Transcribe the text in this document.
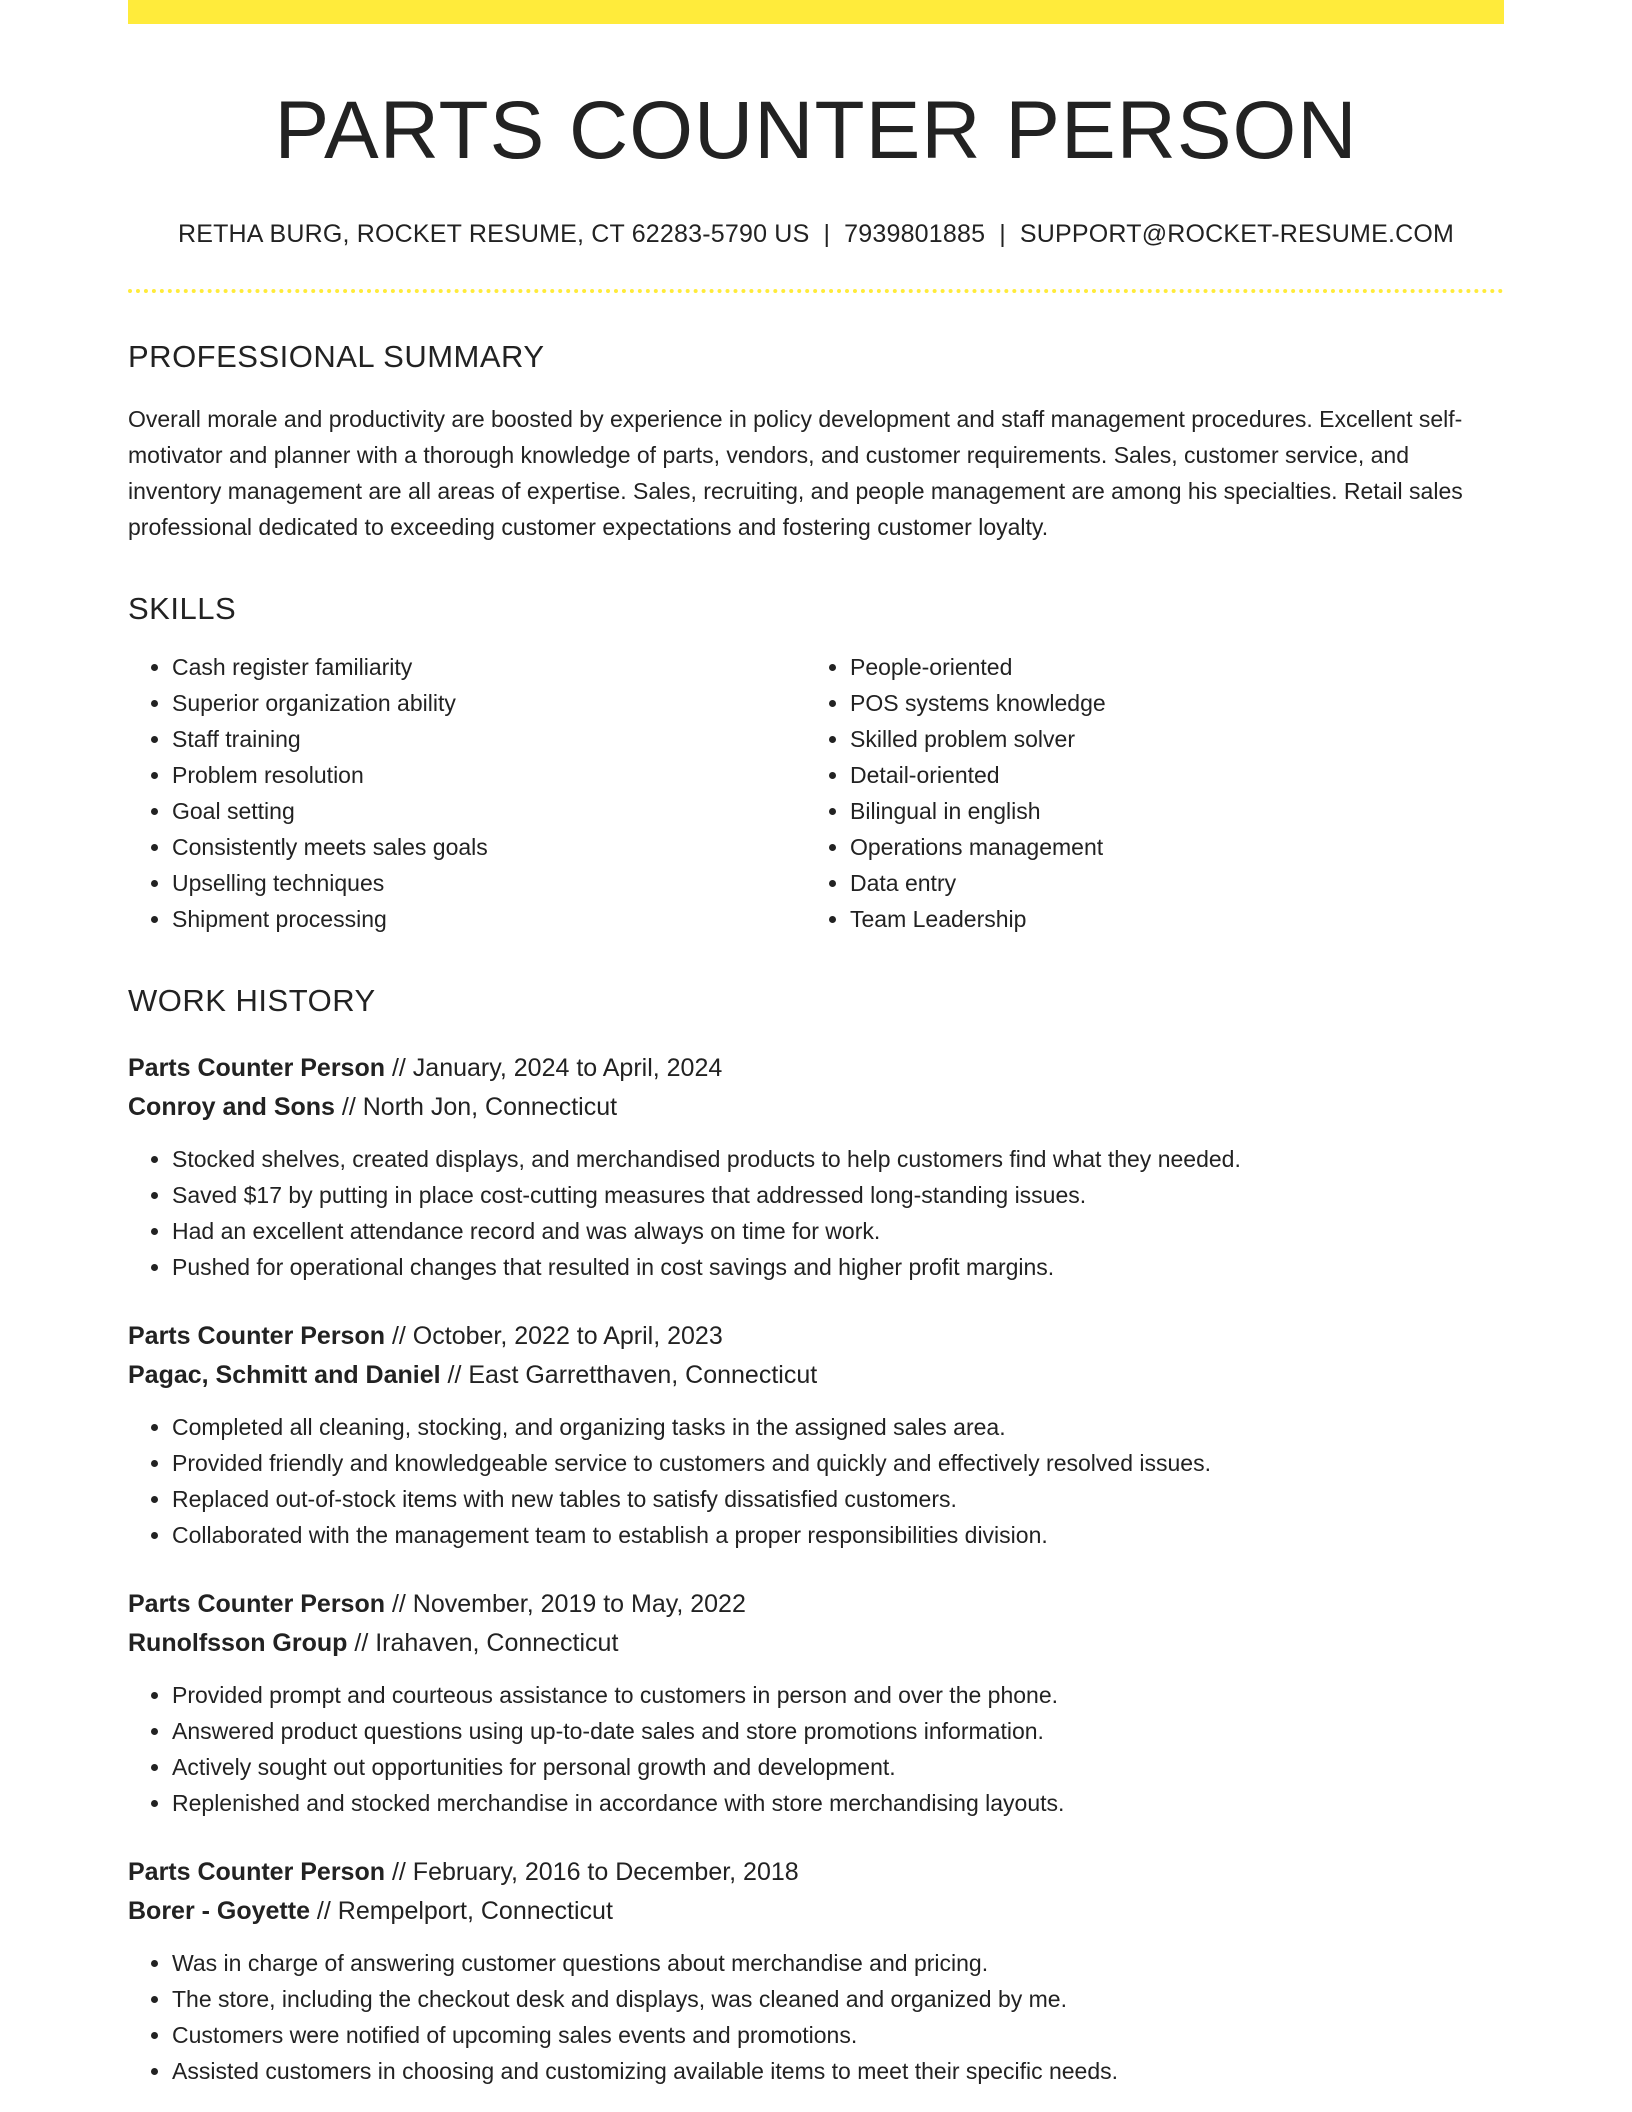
PARTS COUNTER PERSON
RETHA BURG, ROCKET RESUME, CT 62283-5790 US | 7939801885 | SUPPORT@ROCKET-RESUME.COM
PROFESSIONAL SUMMARY

Overall morale and productivity are boosted by experience in policy development and staff management procedures. Excellent self-motivator and planner with a thorough knowledge of parts, vendors, and customer requirements. Sales, customer service, and inventory management are all areas of expertise. Sales, recruiting, and people management are among his specialties. Retail sales professional dedicated to exceeding customer expectations and fostering customer loyalty.

SKILLS
• Cash register familiarity
• Superior organization ability
• Staff training
• Problem resolution
• Goal setting
• Consistently meets sales goals
• Upselling techniques
• Shipment processing
• People-oriented
• POS systems knowledge
• Skilled problem solver
• Detail-oriented
• Bilingual in english
• Operations management
• Data entry
• Team Leadership
WORK HISTORY
Parts Counter Person // January, 2024 to April, 2024
Conroy and Sons // North Jon, Connecticut
• Stocked shelves, created displays, and merchandised products to help customers find what they needed.
• Saved $17 by putting in place cost-cutting measures that addressed long-standing issues.
• Had an excellent attendance record and was always on time for work.
• Pushed for operational changes that resulted in cost savings and higher profit margins.
Parts Counter Person // October, 2022 to April, 2023
Pagac, Schmitt and Daniel // East Garretthaven, Connecticut
• Completed all cleaning, stocking, and organizing tasks in the assigned sales area.
• Provided friendly and knowledgeable service to customers and quickly and effectively resolved issues.
• Replaced out-of-stock items with new tables to satisfy dissatisfied customers.
• Collaborated with the management team to establish a proper responsibilities division.
Parts Counter Person // November, 2019 to May, 2022
Runolfsson Group // Irahaven, Connecticut
• Provided prompt and courteous assistance to customers in person and over the phone.
• Answered product questions using up-to-date sales and store promotions information.
• Actively sought out opportunities for personal growth and development.
• Replenished and stocked merchandise in accordance with store merchandising layouts.
Parts Counter Person // February, 2016 to December, 2018
Borer - Goyette // Rempelport, Connecticut
• Was in charge of answering customer questions about merchandise and pricing.
• The store, including the checkout desk and displays, was cleaned and organized by me.
• Customers were notified of upcoming sales events and promotions.
• Assisted customers in choosing and customizing available items to meet their specific needs.
